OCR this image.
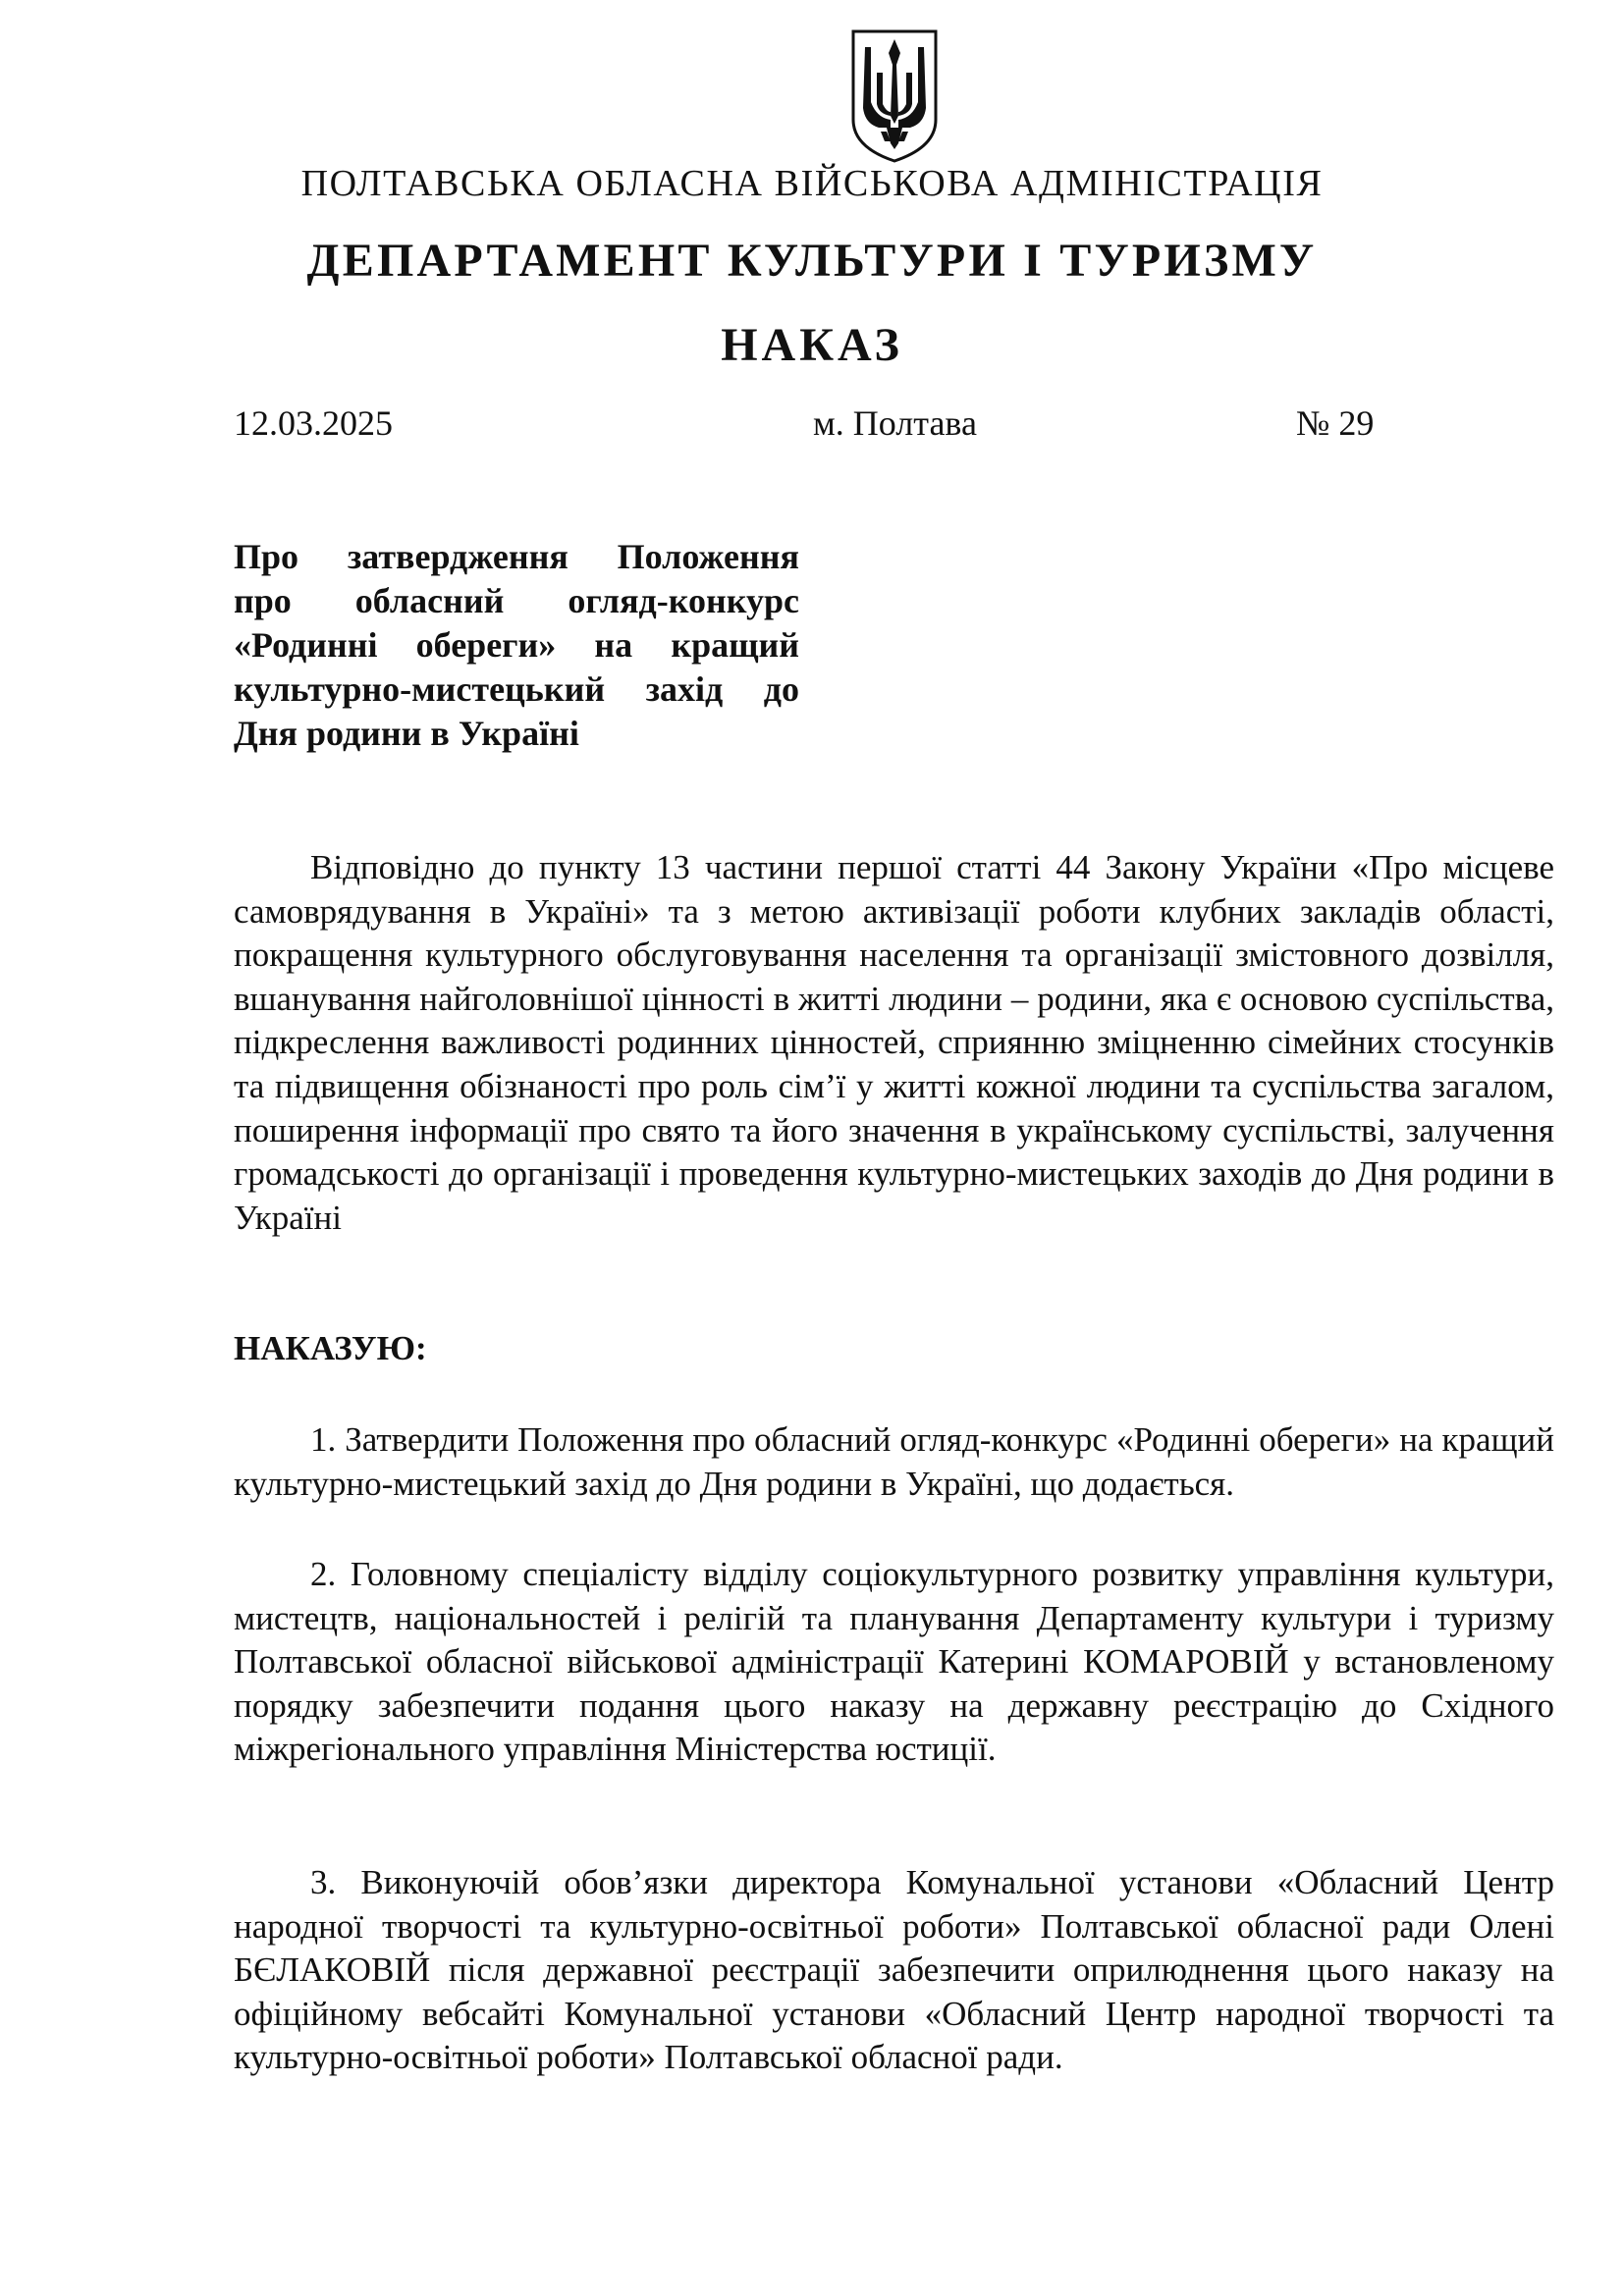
ПОЛТАВСЬКА ОБЛАСНА ВІЙСЬКОВА АДМІНІСТРАЦІЯ
ДЕПАРТАМЕНТ КУЛЬТУРИ І ТУРИЗМУ
НАКАЗ
12.03.2025	м. Полтава	№ 29
Про затвердження Положення
про обласний огляд-конкурс
«Родинні обереги» на кращий
культурно-мистецький захід до
Дня родини в Україні

Відповідно до пункту 13 частини першої статті 44 Закону України «Про місцеве самоврядування в Україні» та з метою активізації роботи клубних закладів області, покращення культурного обслуговування населення та організації змістовного дозвілля, вшанування найголовнішої цінності в житті людини – родини, яка є основою суспільства, підкреслення важливості родинних цінностей, сприянню зміцненню сімейних стосунків та підвищення обізнаності про роль сім’ї у житті кожної людини та суспільства загалом, поширення інформації про свято та його значення в українському суспільстві, залучення громадськості до організації і проведення культурно-мистецьких заходів до Дня родини в Україні

НАКАЗУЮ:

1. Затвердити Положення про обласний огляд-конкурс «Родинні обереги» на кращий культурно-мистецький захід до Дня родини в Україні, що додається.

2. Головному спеціалісту відділу соціокультурного розвитку управління культури, мистецтв, національностей і релігій та планування Департаменту культури і туризму Полтавської обласної військової адміністрації Катерині КОМАРОВІЙ у встановленому порядку забезпечити подання цього наказу на державну реєстрацію до Східного міжрегіонального управління Міністерства юстиції.

3. Виконуючій обов’язки директора Комунальної установи «Обласний Центр народної творчості та культурно-освітньої роботи» Полтавської обласної ради Олені БЄЛАКОВІЙ після державної реєстрації забезпечити оприлюднення цього наказу на офіційному вебсайті Комунальної установи «Обласний Центр народної творчості та культурно-освітньої роботи» Полтавської обласної ради.
